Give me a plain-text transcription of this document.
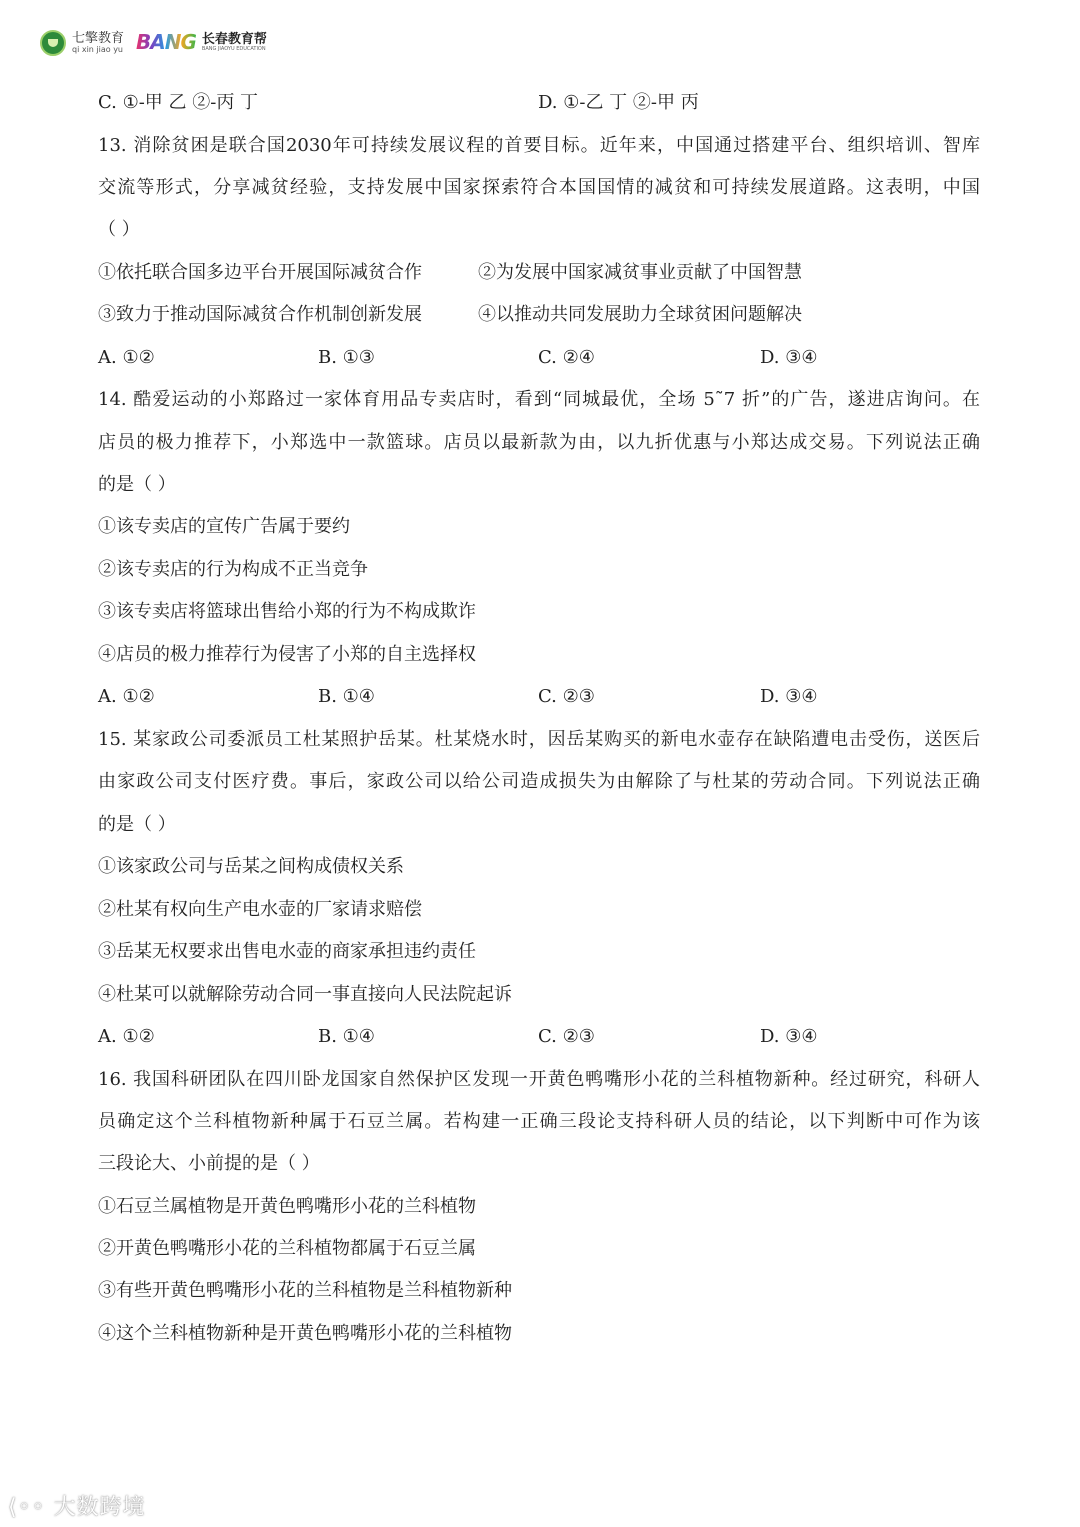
七擎教育
qi xin jiao yu BANG 长春教育帮
BANG JIAOYU EDUCATION
C. ①-甲 乙 ②-丙 丁	D. ①-乙 丁 ②-甲 丙
13. 消除贫困是联合国2030年可持续发展议程的首要目标。近年来，中国通过搭建平台、组织培训、智库
交流等形式，分享减贫经验，支持发展中国家探索符合本国国情的减贫和可持续发展道路。这表明，中国
（ ）
①依托联合国多边平台开展国际减贫合作	②为发展中国家减贫事业贡献了中国智慧
③致力于推动国际减贫合作机制创新发展	④以推动共同发展助力全球贫困问题解决
A. ①②	B. ①③	C. ②④	D. ③④
14. 酷爱运动的小郑路过一家体育用品专卖店时，看到“同城最优，全场 5˜7 折”的广告，遂进店询问。在
店员的极力推荐下，小郑选中一款篮球。店员以最新款为由，以九折优惠与小郑达成交易。下列说法正确
的是（ ）
①该专卖店的宣传广告属于要约
②该专卖店的行为构成不正当竞争
③该专卖店将篮球出售给小郑的行为不构成欺诈
④店员的极力推荐行为侵害了小郑的自主选择权
A. ①②	B. ①④	C. ②③	D. ③④
15. 某家政公司委派员工杜某照护岳某。杜某烧水时，因岳某购买的新电水壶存在缺陷遭电击受伤，送医后
由家政公司支付医疗费。事后，家政公司以给公司造成损失为由解除了与杜某的劳动合同。下列说法正确
的是（ ）
①该家政公司与岳某之间构成债权关系
②杜某有权向生产电水壶的厂家请求赔偿
③岳某无权要求出售电水壶的商家承担违约责任
④杜某可以就解除劳动合同一事直接向人民法院起诉
A. ①②	B. ①④	C. ②③	D. ③④
16. 我国科研团队在四川卧龙国家自然保护区发现一开黄色鸭嘴形小花的兰科植物新种。经过研究，科研人
员确定这个兰科植物新种属于石豆兰属。若构建一正确三段论支持科研人员的结论，以下判断中可作为该
三段论大、小前提的是（ ）
①石豆兰属植物是开黄色鸭嘴形小花的兰科植物
②开黄色鸭嘴形小花的兰科植物都属于石豆兰属
③有些开黄色鸭嘴形小花的兰科植物是兰科植物新种
④这个兰科植物新种是开黄色鸭嘴形小花的兰科植物
⟨◦◦ 大数跨境
